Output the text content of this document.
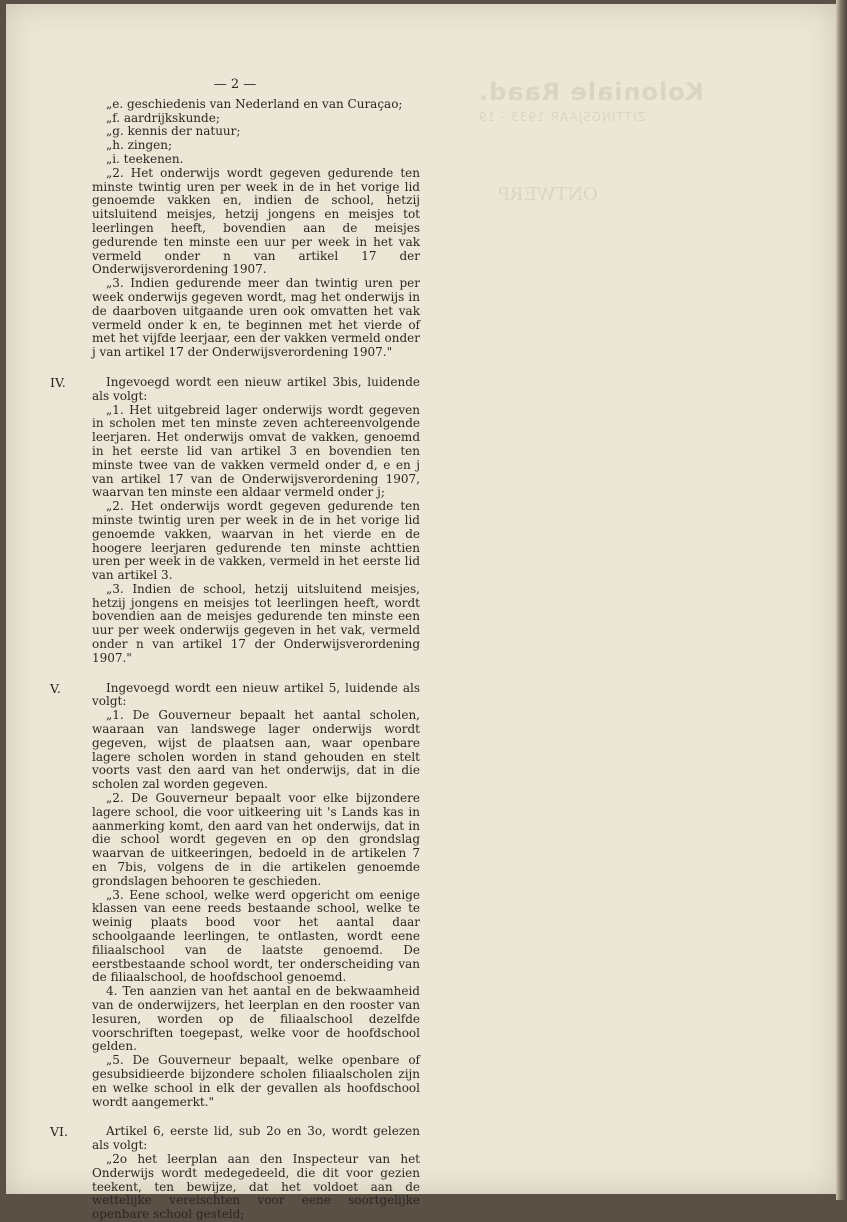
Koloniale Raad.
ZITTINGSJAAR 1933 - 19
ONTWERP
— 2 —

„e. geschiedenis van Nederland en van Curaçao;

„f. aardrijkskunde;

„g. kennis der natuur;

„h. zingen;

„i. teekenen.

„2. Het onderwijs wordt gegeven gedurende ten minste twintig uren per week in de in het vorige lid genoemde vakken en, indien de school, hetzij uitsluitend meisjes, hetzij jongens en meisjes tot leerlingen heeft, bovendien aan de meisjes gedurende ten minste een uur per week in het vak vermeld onder n van artikel 17 der Onderwijsverordening 1907.

„3. Indien gedurende meer dan twintig uren per week onderwijs gegeven wordt, mag het onderwijs in de daarboven uitgaande uren ook omvatten het vak vermeld onder k en, te beginnen met het vierde of met het vijfde leerjaar, een der vakken vermeld onder j van artikel 17 der Onderwijsverordening 1907."

IV.	Ingevoegd wordt een nieuw artikel 3bis, luidende als volgt:

„1. Het uitgebreid lager onderwijs wordt gegeven in scholen met ten minste zeven achtereenvolgende leerjaren. Het onderwijs omvat de vakken, genoemd in het eerste lid van artikel 3 en bovendien ten minste twee van de vakken vermeld onder d, e en j van artikel 17 van de Onderwijsverordening 1907, waarvan ten minste een aldaar vermeld onder j;

„2. Het onderwijs wordt gegeven gedurende ten minste twintig uren per week in de in het vorige lid genoemde vakken, waarvan in het vierde en de hoogere leerjaren gedurende ten minste achttien uren per week in de vakken, vermeld in het eerste lid van artikel 3.

„3. Indien de school, hetzij uitsluitend meisjes, hetzij jongens en meisjes tot leerlingen heeft, wordt bovendien aan de meisjes gedurende ten minste een uur per week onderwijs gegeven in het vak, vermeld onder n van artikel 17 der Onderwijsverordening 1907."

V.	Ingevoegd wordt een nieuw artikel 5, luidende als volgt:

„1. De Gouverneur bepaalt het aantal scholen, waaraan van landswege lager onderwijs wordt gegeven, wijst de plaatsen aan, waar openbare lagere scholen worden in stand gehouden en stelt voorts vast den aard van het onderwijs, dat in die scholen zal worden gegeven.

„2. De Gouverneur bepaalt voor elke bijzondere lagere school, die voor uitkeering uit 's Lands kas in aanmerking komt, den aard van het onderwijs, dat in die school wordt gegeven en op den grondslag waarvan de uitkeeringen, bedoeld in de artikelen 7 en 7bis, volgens de in die artikelen genoemde grondslagen behooren te geschieden.

„3. Eene school, welke werd opgericht om eenige klassen van eene reeds bestaande school, welke te weinig plaats bood voor het aantal daar schoolgaande leerlingen, te ontlasten, wordt eene filiaalschool van de laatste genoemd. De eerstbestaande school wordt, ter onderscheiding van de filiaalschool, de hoofdschool genoemd.

4. Ten aanzien van het aantal en de bekwaamheid van de onderwijzers, het leerplan en den rooster van lesuren, worden op de filiaalschool dezelfde voorschriften toegepast, welke voor de hoofdschool gelden.

„5. De Gouverneur bepaalt, welke openbare of gesubsidieerde bijzondere scholen filiaalscholen zijn en welke school in elk der gevallen als hoofdschool wordt aangemerkt."

VI.	Artikel 6, eerste lid, sub 2o en 3o, wordt gelezen als volgt:

„2o het leerplan aan den Inspecteur van het Onderwijs wordt medegedeeld, die dit voor gezien teekent, ten bewijze, dat het voldoet aan de wettelijke vereischten voor eene soortgelijke openbare school gesteld;
